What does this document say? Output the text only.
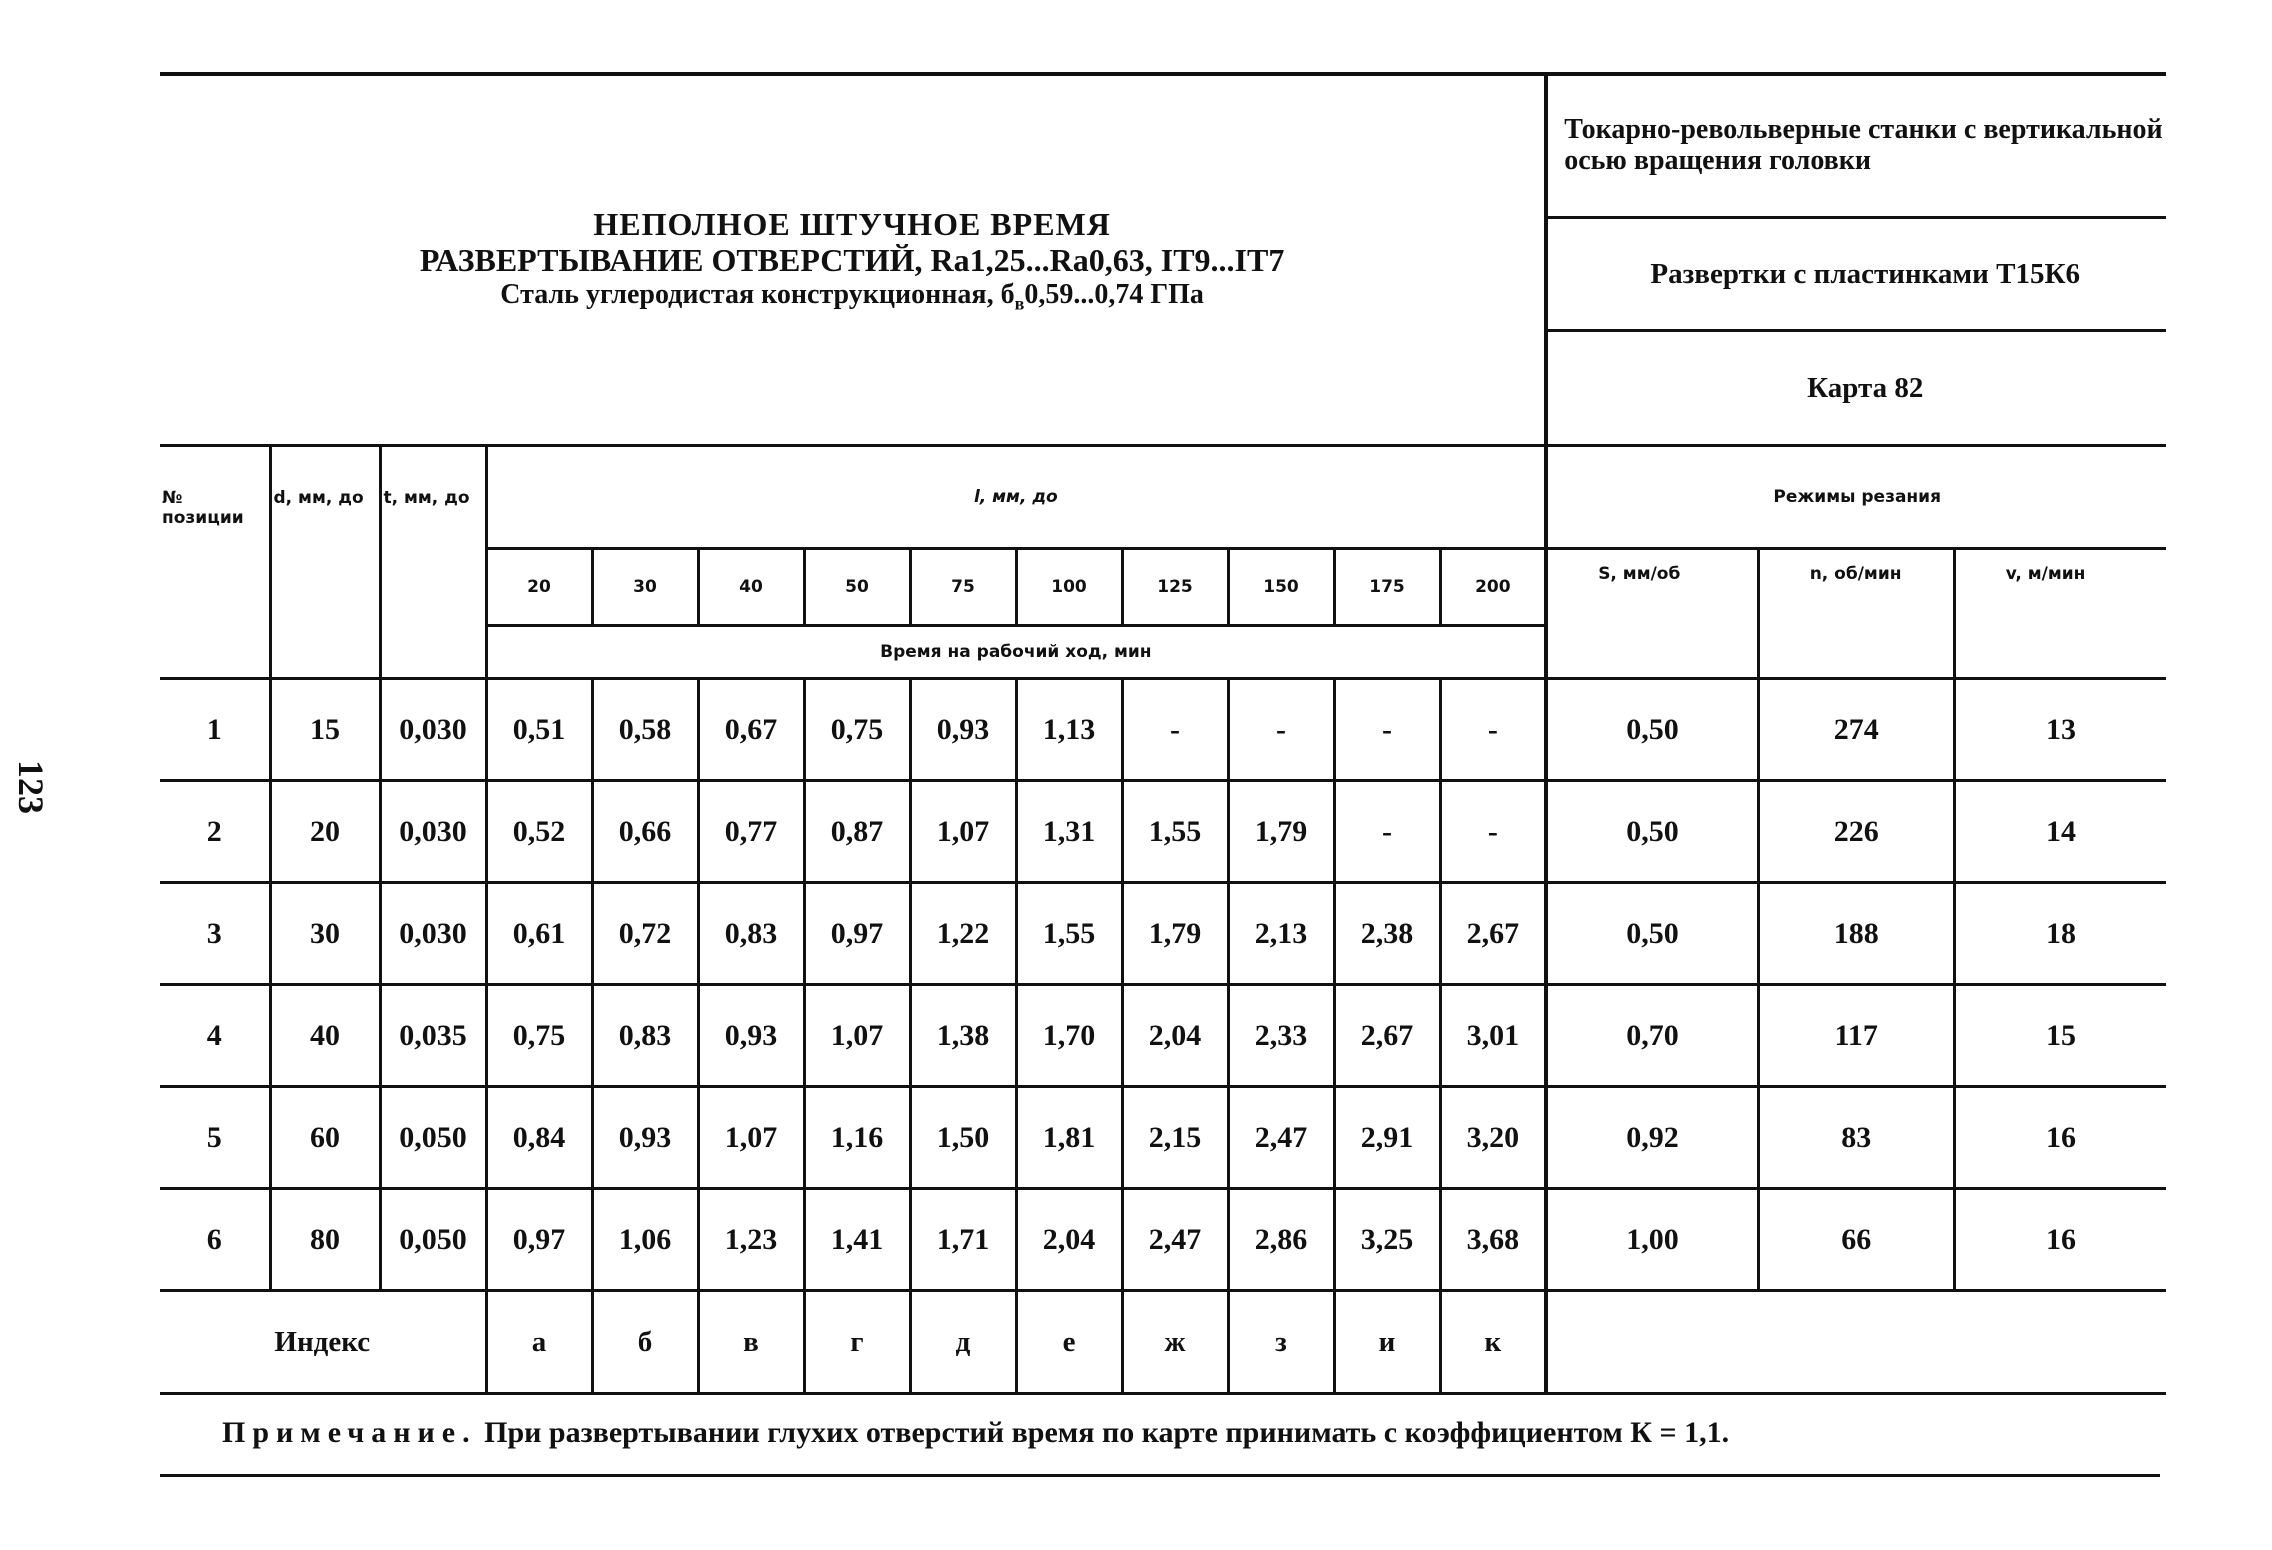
123
НЕПОЛНОЕ ШТУЧНОЕ ВРЕМЯ
РАЗВЕРТЫВАНИЕ ОТВЕРСТИЙ, Ra1,25...Ra0,63, IT9...IT7
Сталь углеродистая конструкционная, $б_в0,59...0,74$ ГПа													Токарно-револьверные станки с вертикальной осью вращения головки		
													Развертки с пластинками Т15К6		
													Карта 82		
№ позиции	d, мм, до	t, мм, до	l, мм, до										Режимы резания		
			20	30	40	50	75	100	125	150	175	200	S, мм/об	n, об/мин	v, м/мин
			Время на рабочий ход, мин												
1	15	0,030	0,51	0,58	0,67	0,75	0,93	1,13	-	-	-	-	0,50	274	13
2	20	0,030	0,52	0,66	0,77	0,87	1,07	1,31	1,55	1,79	-	-	0,50	226	14
3	30	0,030	0,61	0,72	0,83	0,97	1,22	1,55	1,79	2,13	2,38	2,67	0,50	188	18
4	40	0,035	0,75	0,83	0,93	1,07	1,38	1,70	2,04	2,33	2,67	3,01	0,70	117	15
5	60	0,050	0,84	0,93	1,07	1,16	1,50	1,81	2,15	2,47	2,91	3,20	0,92	83	16
6	80	0,050	0,97	1,06	1,23	1,41	1,71	2,04	2,47	2,86	3,25	3,68	1,00	66	16
Индекс			а	б	в	г	д	е	ж	з	и	к			
Примечание. При развертывании глухих отверстий время по карте принимать с коэффициентом К = 1,1.
